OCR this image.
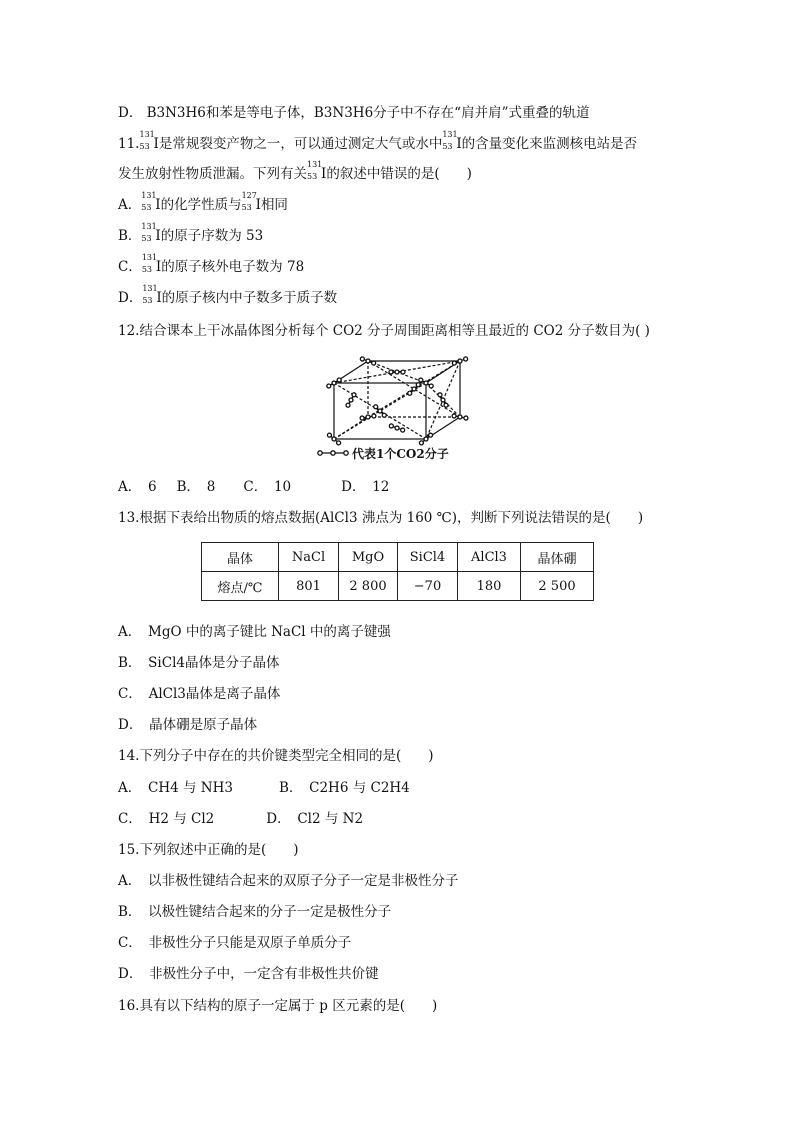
D． B3N3H6和苯是等电子体，B3N3H6分子中不存在“肩并肩”式重叠的轨道
11.
131
53 I是常规裂变产物之一，可以通过测定大气或水中
131
53 I的含量变化来监测核电站是否
发生放射性物质泄漏。下列有关
131
53 I的叙述中错误的是(　　)
A．
131
53 I的化学性质与
127
53 I相同
B．
131
53 I的原子序数为 53
C．
131
53 I的原子核外电子数为 78
D．
131
53 I的原子核内中子数多于质子数
12.结合课本上干冰晶体图分析每个 CO2 分子周围距离相等且最近的 CO2 分子数目为( )
代表1个CO2分子
A．　6 B．　8 C．　10	D．　12
13.根据下表给出物质的熔点数据(AlCl3 沸点为 160 ℃)，判断下列说法错误的是(　　)
晶体	NaCl	MgO	SiCl4	AlCl3	晶体硼
熔点/℃	801	2 800	−70	180	2 500
A．　MgO 中的离子键比 NaCl 中的离子键强
B．　SiCl4晶体是分子晶体
C．　AlCl3晶体是离子晶体
D．　晶体硼是原子晶体
14.下列分子中存在的共价键类型完全相同的是(　　)
A．　CH4 与 NH3	B．　C2H6 与 C2H4
C．　H2 与 Cl2	D．　Cl2 与 N2
15.下列叙述中正确的是(　　)
A．　以非极性键结合起来的双原子分子一定是非极性分子
B．　以极性键结合起来的分子一定是极性分子
C．　非极性分子只能是双原子单质分子
D．　非极性分子中，一定含有非极性共价键
16.具有以下结构的原子一定属于 p 区元素的是(　　)
